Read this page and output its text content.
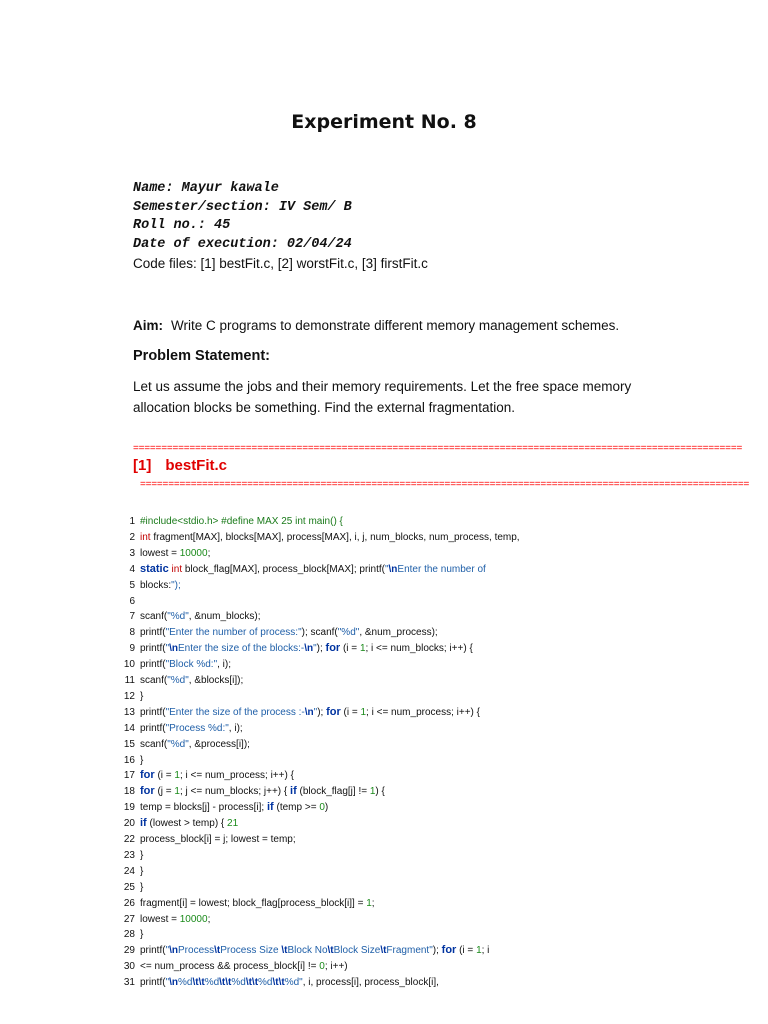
Experiment No. 8
Name: Mayur kawale
Semester/section: IV Sem/ B
Roll no.: 45
Date of execution: 02/04/24
Code files: [1] bestFit.c, [2] worstFit.c, [3] firstFit.c
Aim: Write C programs to demonstrate different memory management schemes.
Problem Statement:
Let us assume the jobs and their memory requirements. Let the free space memory
allocation blocks be something. Find the external fragmentation.
============================================================================================================
[1] bestFit.c
============================================================================================================
1 #include<stdio.h> #define MAX 25 int main() {
2 int fragment[MAX], blocks[MAX], process[MAX], i, j, num_blocks, num_process, temp,
3 lowest = 10000;
4 static int block_flag[MAX], process_block[MAX]; printf("\nEnter the number of
5 blocks:");
6
7 scanf("%d", &num_blocks);
8 printf("Enter the number of process:"); scanf("%d", &num_process);
9 printf("\nEnter the size of the blocks:-\n"); for (i = 1; i <= num_blocks; i++) {
10 printf("Block %d:", i);
11 scanf("%d", &blocks[i]);
12 }
13 printf("Enter the size of the process :-\n"); for (i = 1; i <= num_process; i++) {
14 printf("Process %d:", i);
15 scanf("%d", &process[i]);
16 }
17 for (i = 1; i <= num_process; i++) {
18 for (j = 1; j <= num_blocks; j++) { if (block_flag[j] != 1) {
19 temp = blocks[j] - process[i]; if (temp >= 0)
20 if (lowest > temp) { 21
22 process_block[i] = j; lowest = temp;
23 }
24 }
25 }
26 fragment[i] = lowest; block_flag[process_block[i]] = 1;
27 lowest = 10000;
28 }
29 printf("\nProcess\tProcess Size \tBlock No\tBlock Size\tFragment"); for (i = 1; i
30 <= num_process && process_block[i] != 0; i++)
31 printf("\n%d\t\t%d\t\t%d\t\t%d\t\t%d", i, process[i], process_block[i],
